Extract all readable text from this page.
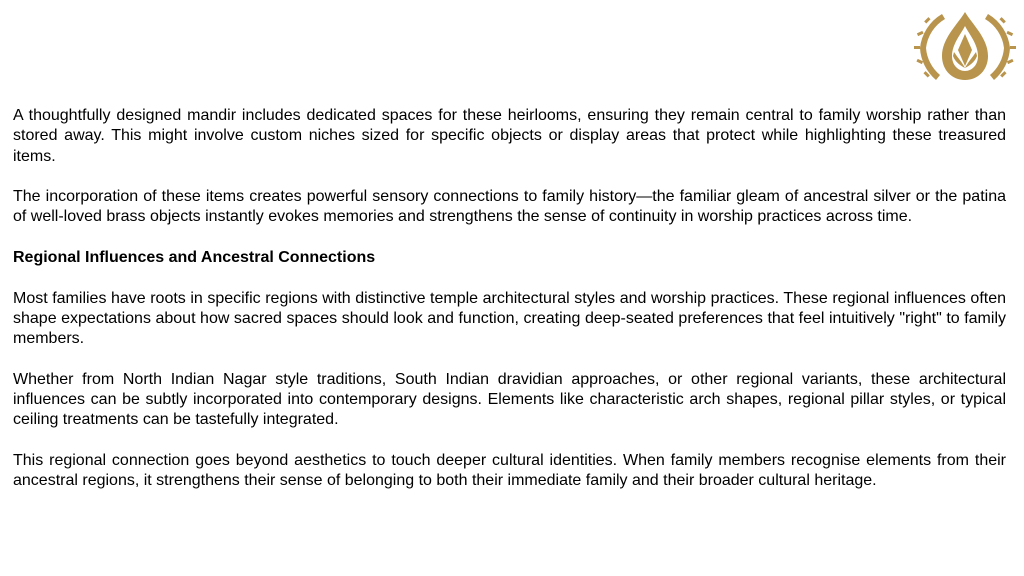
A thoughtfully designed mandir includes dedicated spaces for these heirlooms, ensuring they remain central to family worship rather than stored away. This might involve custom niches sized for specific objects or display areas that protect while highlighting these treasured items.

The incorporation of these items creates powerful sensory connections to family history—the familiar gleam of ancestral silver or the patina of well-loved brass objects instantly evokes memories and strengthens the sense of continuity in worship practices across time.

Regional Influences and Ancestral Connections

Most families have roots in specific regions with distinctive temple architectural styles and worship practices. These regional influences often shape expectations about how sacred spaces should look and function, creating deep-seated preferences that feel intuitively "right" to family members.

Whether from North Indian Nagar style traditions, South Indian dravidian approaches, or other regional variants, these architectural influences can be subtly incorporated into contemporary designs. Elements like characteristic arch shapes, regional pillar styles, or typical ceiling treatments can be tastefully integrated.

This regional connection goes beyond aesthetics to touch deeper cultural identities. When family members recognise elements from their ancestral regions, it strengthens their sense of belonging to both their immediate family and their broader cultural heritage.
